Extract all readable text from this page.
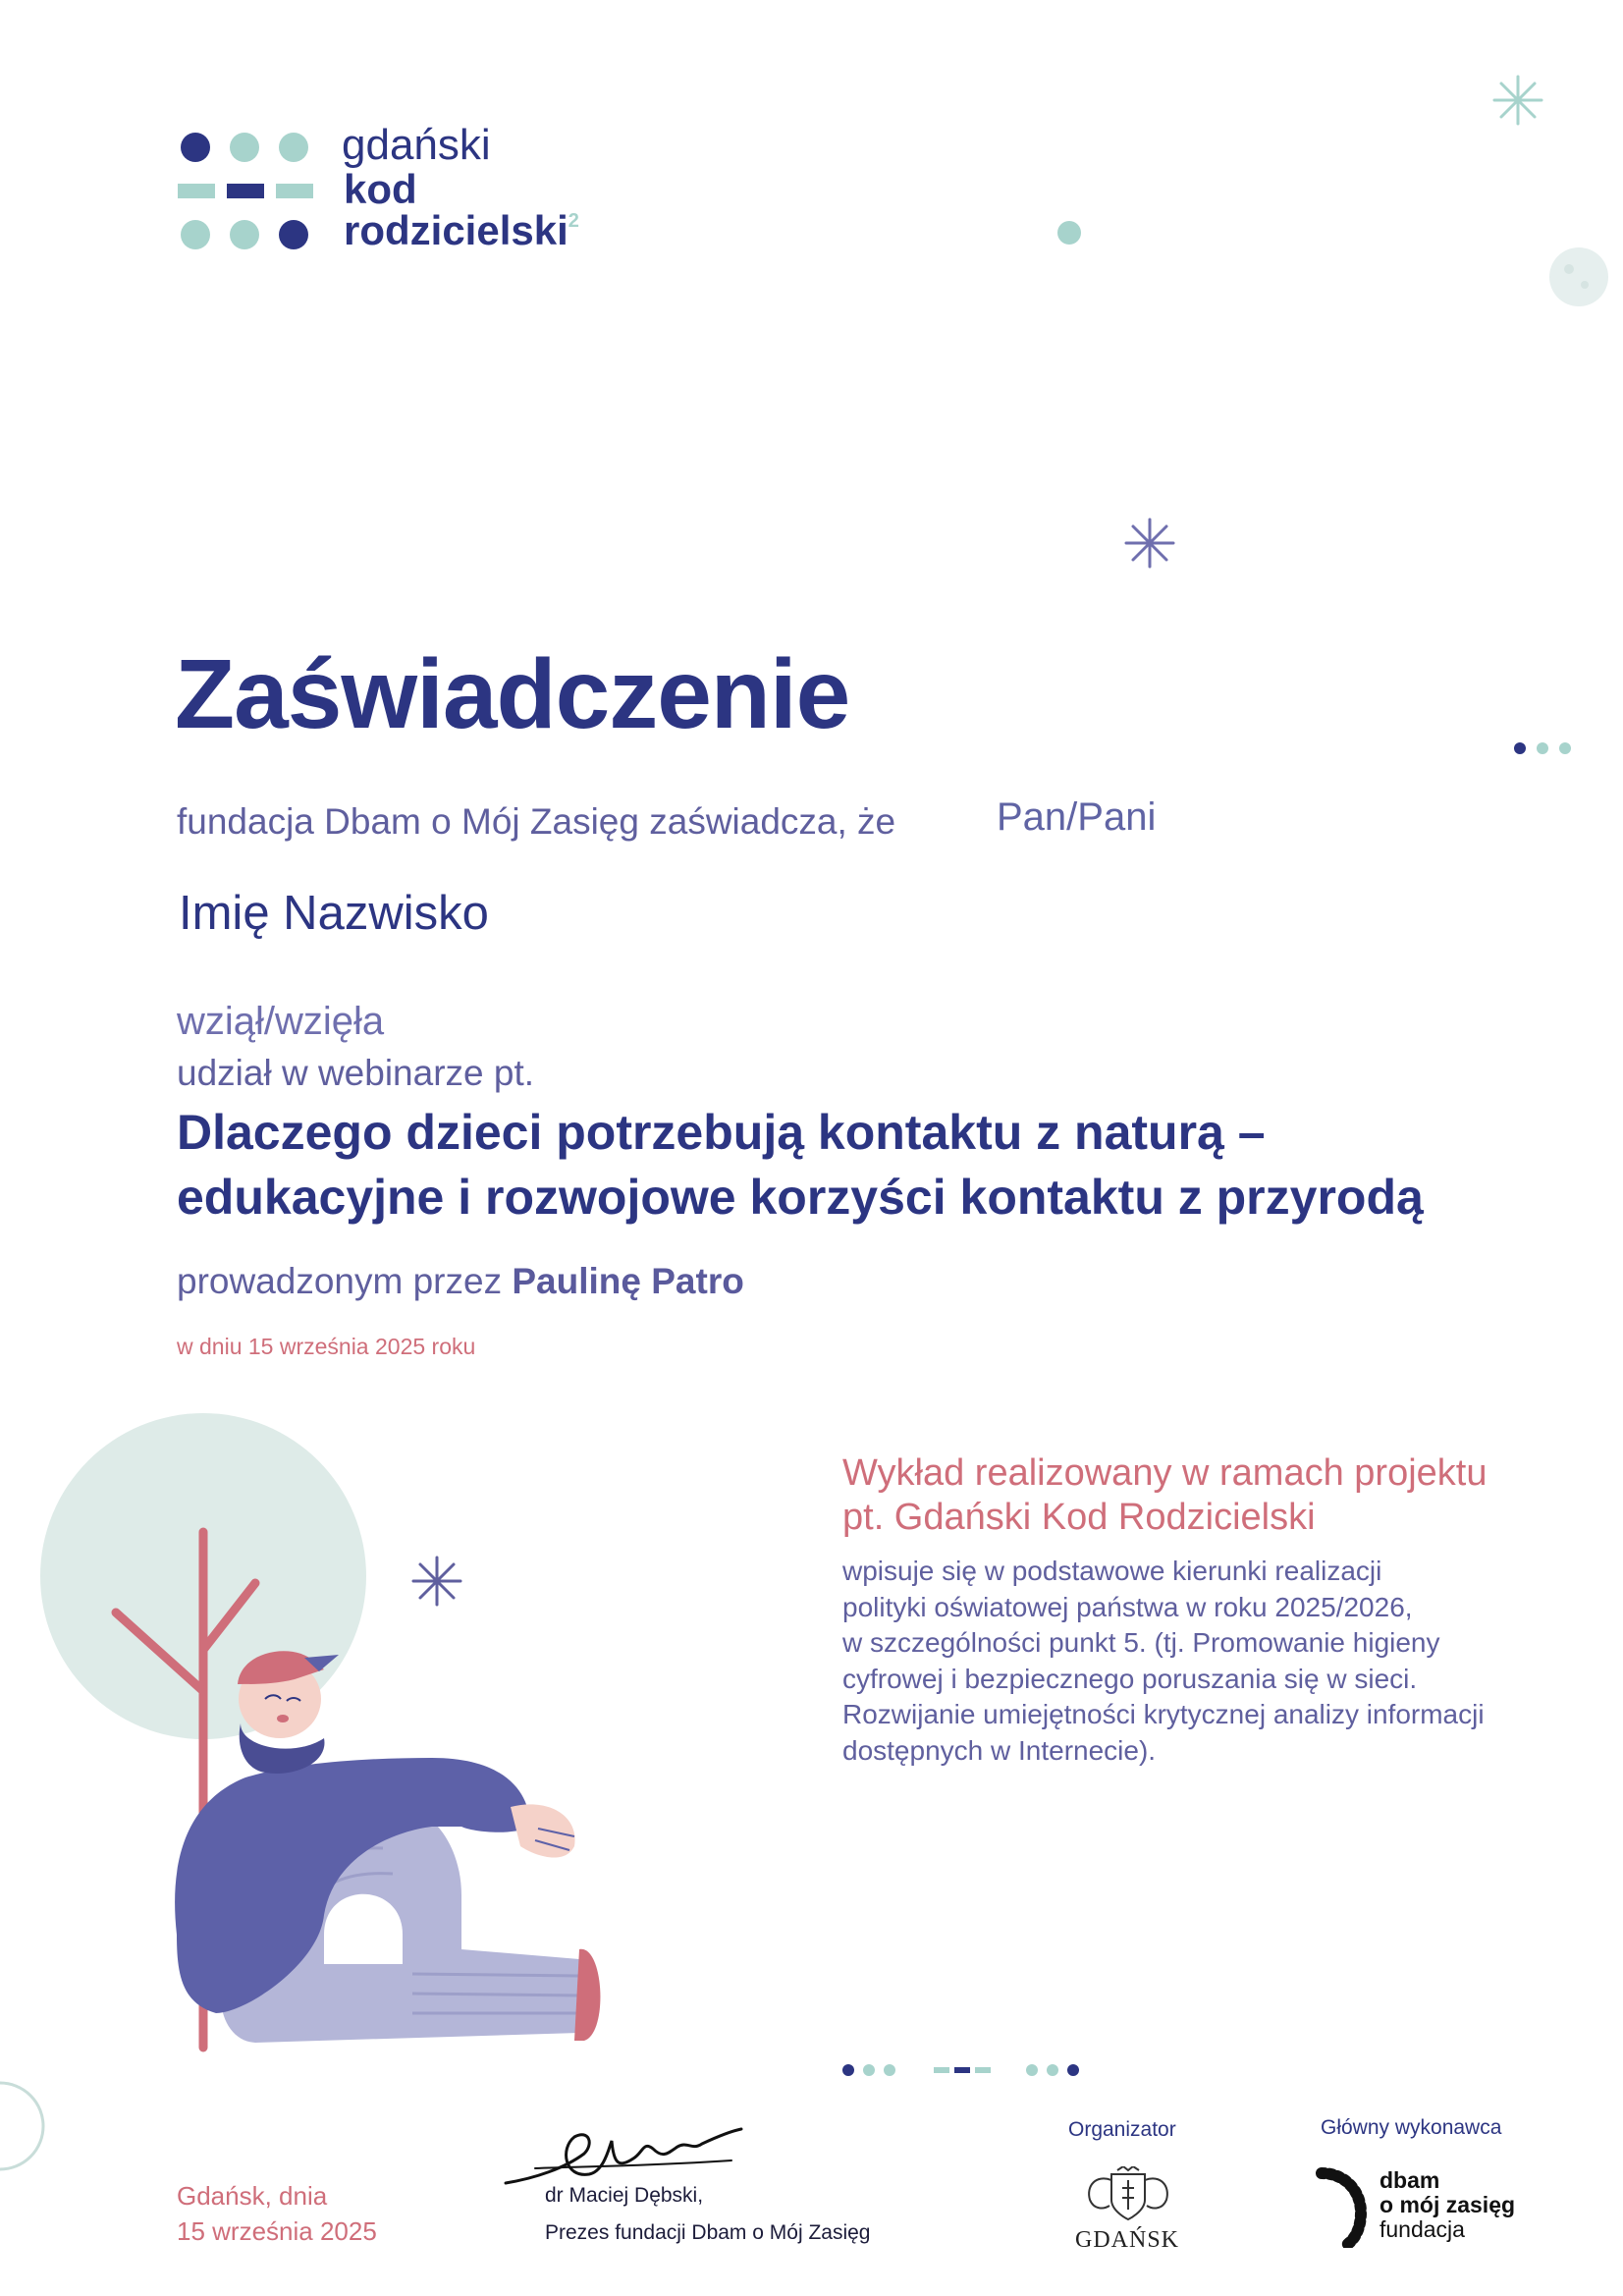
gdański
kod
rodzicielski$^2$
Zaświadczenie
fundacja Dbam o Mój Zasięg zaświadcza, że	Pan/Pani
Imię Nazwisko
wziął/wzięła
udział w webinarze pt.
Dlaczego dzieci potrzebują kontaktu z naturą –
edukacyjne i rozwojowe korzyści kontaktu z przyrodą
prowadzonym przez Paulinę Patro
w dniu 15 września 2025 roku
Wykład realizowany w ramach projektu
pt. Gdański Kod Rodzicielski
wpisuje się w podstawowe kierunki realizacji
polityki oświatowej państwa w roku 2025/2026,
w szczególności punkt 5. (tj. Promowanie higieny
cyfrowej i bezpiecznego poruszania się w sieci.
Rozwijanie umiejętności krytycznej analizy informacji
dostępnych w Internecie).
Gdańsk, dnia
15 września 2025
dr Maciej Dębski,
Prezes fundacji Dbam o Mój Zasięg
Organizator
GDAŃSK
Główny wykonawca
dbam
o mój zasięg
fundacja
